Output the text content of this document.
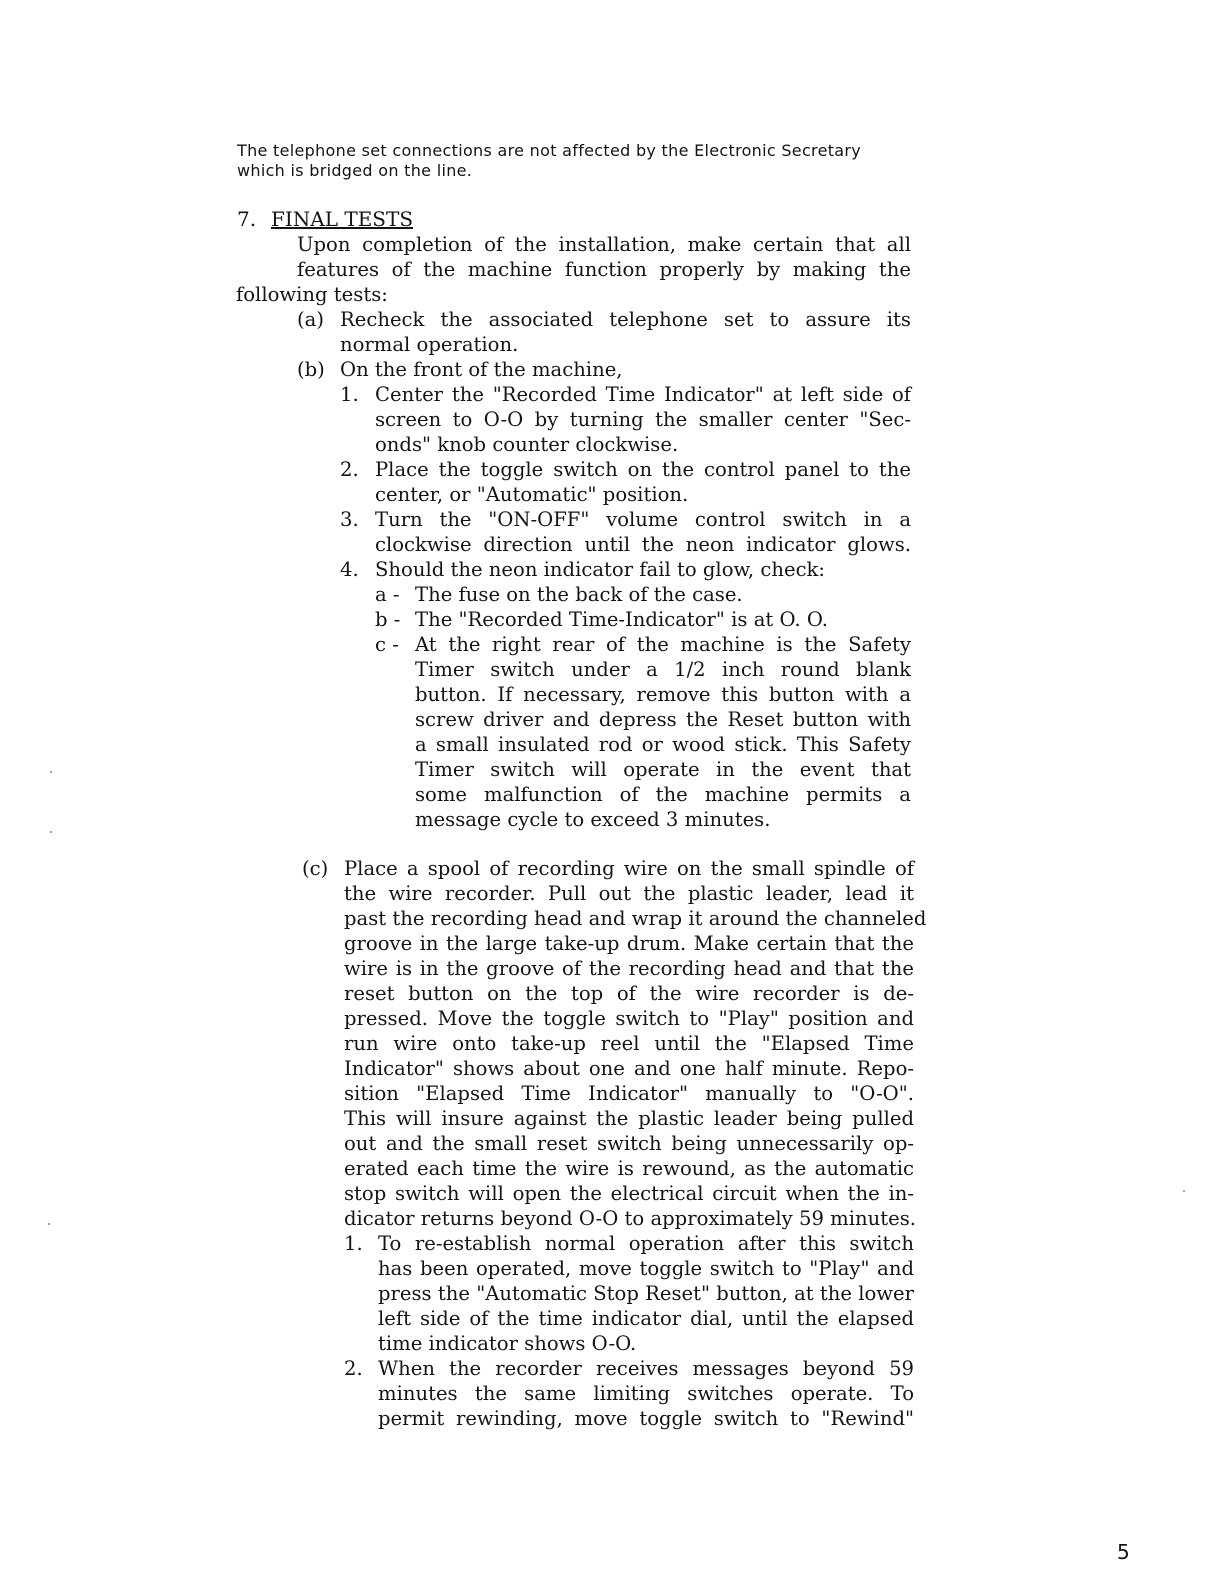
The telephone set connections are not affected by the Electronic Secretary
which is bridged on the line.
7. FINAL TESTS
Upon completion of the installation, make certain that all
features of the machine function properly by making the
following tests:
(a) Recheck the associated telephone set to assure its
normal operation.
(b) On the front of the machine,
1. Center the "Recorded Time Indicator" at left side of
screen to O-O by turning the smaller center "Sec-
onds" knob counter clockwise.
2. Place the toggle switch on the control panel to the
center, or "Automatic" position.
3. Turn the "ON-OFF" volume control switch in a
clockwise direction until the neon indicator glows.
4. Should the neon indicator fail to glow, check:
a - The fuse on the back of the case.
b - The "Recorded Time-Indicator" is at O. O.
c - At the right rear of the machine is the Safety
Timer switch under a 1/2 inch round blank
button. If necessary, remove this button with a
screw driver and depress the Reset button with
a small insulated rod or wood stick. This Safety
Timer switch will operate in the event that
some malfunction of the machine permits a
message cycle to exceed 3 minutes.
(c) Place a spool of recording wire on the small spindle of
the wire recorder. Pull out the plastic leader, lead it
past the recording head and wrap it around the channeled
groove in the large take-up drum. Make certain that the
wire is in the groove of the recording head and that the
reset button on the top of the wire recorder is de-
pressed. Move the toggle switch to "Play" position and
run wire onto take-up reel until the "Elapsed Time
Indicator" shows about one and one half minute. Repo-
sition "Elapsed Time Indicator" manually to "O-O".
This will insure against the plastic leader being pulled
out and the small reset switch being unnecessarily op-
erated each time the wire is rewound, as the automatic
stop switch will open the electrical circuit when the in-
dicator returns beyond O-O to approximately 59 minutes.
1. To re-establish normal operation after this switch
has been operated, move toggle switch to "Play" and
press the "Automatic Stop Reset" button, at the lower
left side of the time indicator dial, until the elapsed
time indicator shows O-O.
2. When the recorder receives messages beyond 59
minutes the same limiting switches operate. To
permit rewinding, move toggle switch to "Rewind"
5
